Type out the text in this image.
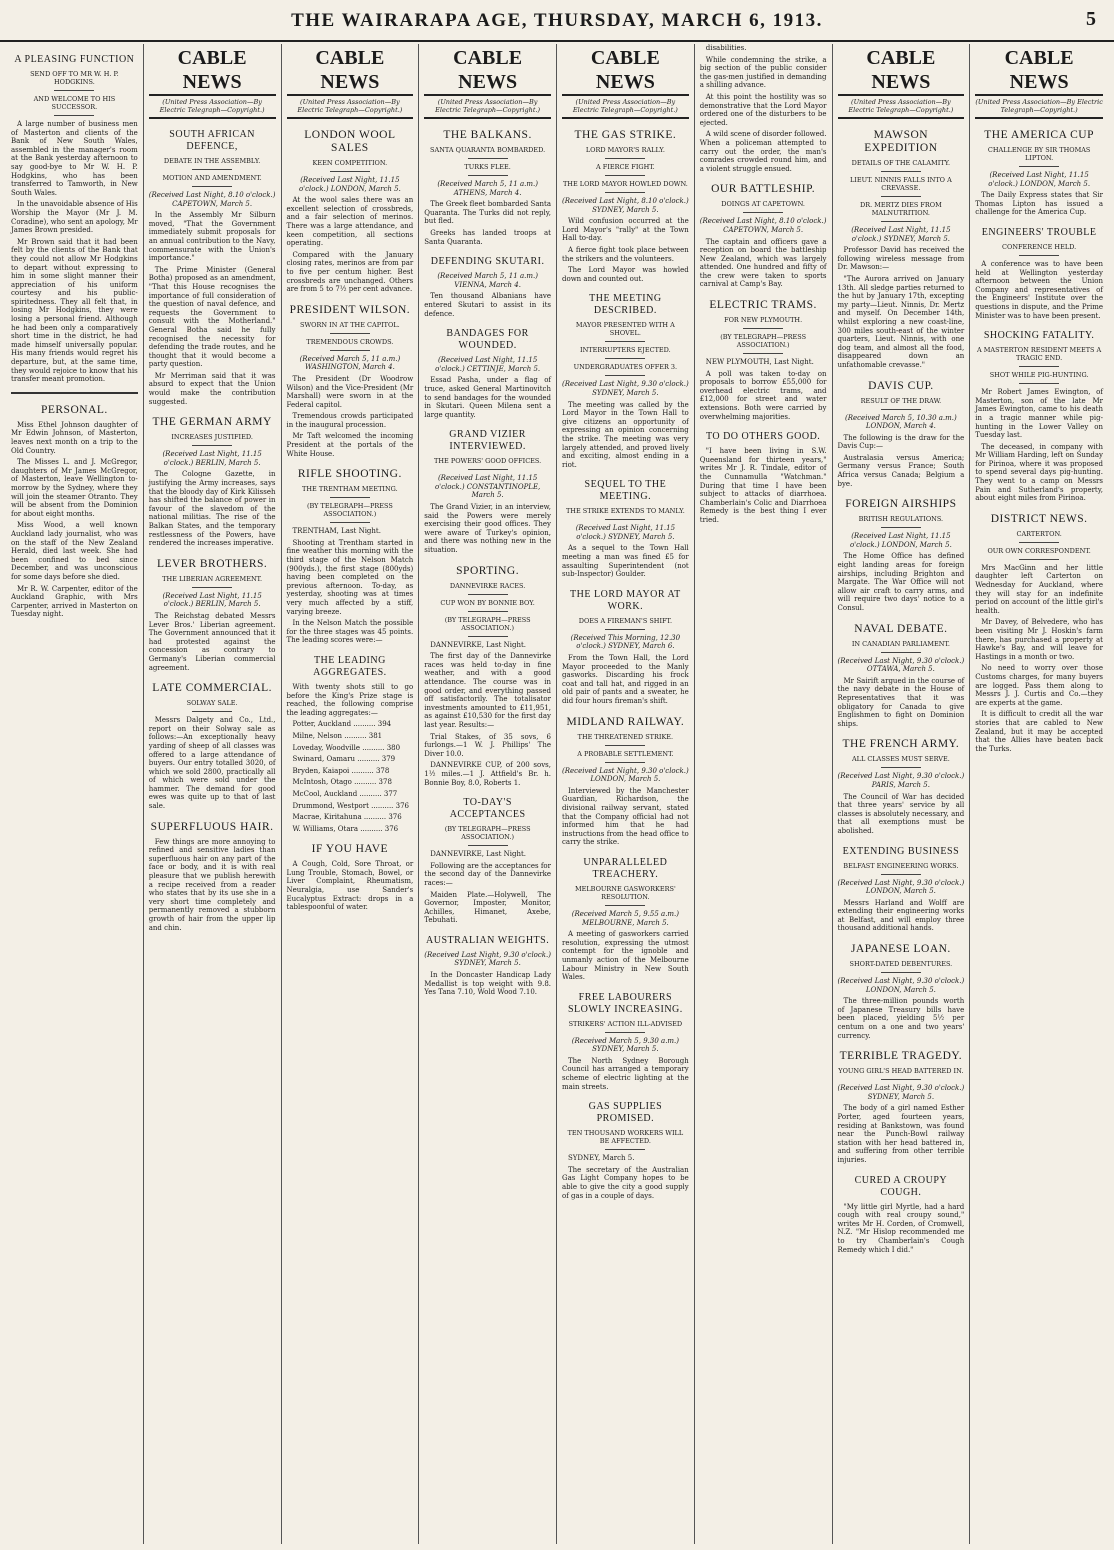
THE WAIRARAPA AGE, THURSDAY, MARCH 6, 1913.	5
A PLEASING FUNCTION
SEND OFF TO MR W. H. P. HODGKINS.
AND WELCOME TO HIS SUCCESSOR.

A large number of business men of Masterton and clients of the Bank of New South Wales, assembled in the manager's room at the Bank yesterday afternoon to say good-bye to Mr W. H. P. Hodgkins, who has been transferred to Tamworth, in New South Wales.

In the unavoidable absence of His Worship the Mayor (Mr J. M. Coradine), who sent an apology, Mr James Brown presided.

Mr Brown said that it had been felt by the clients of the Bank that they could not allow Mr Hodgkins to depart without expressing to him in some slight manner their appreciation of his uniform courtesy and his public-spiritedness. They all felt that, in losing Mr Hodgkins, they were losing a personal friend. Although he had been only a comparatively short time in the district, he had made himself universally popular. His many friends would regret his departure, but, at the same time, they would rejoice to know that his transfer meant promotion.

PERSONAL.

Miss Ethel Johnson daughter of Mr Edwin Johnson, of Masterton, leaves next month on a trip to the Old Country.

The Misses L. and J. McGregor, daughters of Mr James McGregor, of Masterton, leave Wellington to-morrow by the Sydney, where they will join the steamer Otranto. They will be absent from the Dominion for about eight months.

Miss Wood, a well known Auckland lady journalist, who was on the staff of the New Zealand Herald, died last week. She had been confined to bed since December, and was unconscious for some days before she died.

Mr R. W. Carpenter, editor of the Auckland Graphic, with Mrs Carpenter, arrived in Masterton on Tuesday night.

CABLE NEWS
(United Press Association—By Electric Telegraph—Copyright.)
SOUTH AFRICAN DEFENCE,
DEBATE IN THE ASSEMBLY.
MOTION AND AMENDMENT.

(Received Last Night, 8.10 o'clock.) CAPETOWN, March 5.

In the Assembly Mr Silburn moved, "That the Government immediately submit proposals for an annual contribution to the Navy, commensurate with the Union's importance."

The Prime Minister (General Botha) proposed as an amendment, "That this House recognises the importance of full consideration of the question of naval defence, and requests the Government to consult with the Motherland." General Botha said he fully recognised the necessity for defending the trade routes, and he thought that it would become a party question.

Mr Merriman said that it was absurd to expect that the Union would make the contribution suggested.

THE GERMAN ARMY
INCREASES JUSTIFIED.

(Received Last Night, 11.15 o'clock.) BERLIN, March 5.

The Cologne Gazette, in justifying the Army increases, says that the bloody day of Kirk Kilisseh has shifted the balance of power in favour of the slavedom of the national militias. The rise of the Balkan States, and the temporary restlessness of the Powers, have rendered the increases imperative.

LEVER BROTHERS.
THE LIBERIAN AGREEMENT.

(Received Last Night, 11.15 o'clock.) BERLIN, March 5.

The Reichstag debated Messrs Lever Bros.' Liberian agreement. The Government announced that it had protested against the concession as contrary to Germany's Liberian commercial agreement.

LATE COMMERCIAL.
SOLWAY SALE.

Messrs Dalgety and Co., Ltd., report on their Solway sale as follows:—An exceptionally heavy yarding of sheep of all classes was offered to a large attendance of buyers. Our entry totalled 3020, of which we sold 2800, practically all of which were sold under the hammer. The demand for good ewes was quite up to that of last sale.

SUPERFLUOUS HAIR.

Few things are more annoying to refined and sensitive ladies than superfluous hair on any part of the face or body, and it is with real pleasure that we publish herewith a recipe received from a reader who states that by its use she in a very short time completely and permanently removed a stubborn growth of hair from the upper lip and chin.

CABLE NEWS
(United Press Association—By Electric Telegraph—Copyright.)
LONDON WOOL SALES
KEEN COMPETITION.

(Received Last Night, 11.15 o'clock.) LONDON, March 5.

At the wool sales there was an excellent selection of crossbreds, and a fair selection of merinos. There was a large attendance, and keen competition, all sections operating.

Compared with the January closing rates, merinos are from par to five per centum higher. Best crossbreds are unchanged. Others are from 5 to 7½ per cent advance.

PRESIDENT WILSON.
SWORN IN AT THE CAPITOL.
TREMENDOUS CROWDS.

(Received March 5, 11 a.m.) WASHINGTON, March 4.

The President (Dr Woodrow Wilson) and the Vice-President (Mr Marshall) were sworn in at the Federal capitol.

Tremendous crowds participated in the inaugural procession.

Mr Taft welcomed the incoming President at the portals of the White House.

RIFLE SHOOTING.
THE TRENTHAM MEETING.
(BY TELEGRAPH—PRESS ASSOCIATION.)

TRENTHAM, Last Night.

Shooting at Trentham started in fine weather this morning with the third stage of the Nelson Match (900yds.), the first stage (800yds) having been completed on the previous afternoon. To-day, as yesterday, shooting was at times very much affected by a stiff, varying breeze.

In the Nelson Match the possible for the three stages was 45 points. The leading scores were:—

THE LEADING AGGREGATES.

With twenty shots still to go before the King's Prize stage is reached, the following comprise the leading aggregates:—

Potter, Auckland .......... 394

Milne, Nelson .......... 381

Loveday, Woodville .......... 380

Swinard, Oamaru .......... 379

Bryden, Kaiapoi .......... 378

McIntosh, Otago .......... 378

McCool, Auckland .......... 377

Drummond, Westport .......... 376

Macrae, Kiritahuna .......... 376

W. Williams, Otara .......... 376

IF YOU HAVE

A Cough, Cold, Sore Throat, or Lung Trouble, Stomach, Bowel, or Liver Complaint, Rheumatism, Neuralgia, use Sander's Eucalyptus Extract: drops in a tablespoonful of water.

CABLE NEWS
(United Press Association—By Electric Telegraph—Copyright.)
THE BALKANS.
SANTA QUARANTA BOMBARDED.
TURKS FLEE.

(Received March 5, 11 a.m.) ATHENS, March 4.

The Greek fleet bombarded Santa Quaranta. The Turks did not reply, but fled.

Greeks has landed troops at Santa Quaranta.

DEFENDING SKUTARI.

(Received March 5, 11 a.m.) VIENNA, March 4.

Ten thousand Albanians have entered Skutari to assist in its defence.

BANDAGES FOR WOUNDED.

(Received Last Night, 11.15 o'clock.) CETTINJE, March 5.

Essad Pasha, under a flag of truce, asked General Martinovitch to send bandages for the wounded in Skutari. Queen Milena sent a large quantity.

GRAND VIZIER INTERVIEWED.
THE POWERS' GOOD OFFICES.

(Received Last Night, 11.15 o'clock.) CONSTANTINOPLE, March 5.

The Grand Vizier, in an interview, said the Powers were merely exercising their good offices. They were aware of Turkey's opinion, and there was nothing new in the situation.

SPORTING.
DANNEVIRKE RACES.
CUP WON BY BONNIE BOY.
(BY TELEGRAPH—PRESS ASSOCIATION.)

DANNEVIRKE, Last Night.

The first day of the Dannevirke races was held to-day in fine weather, and with a good attendance. The course was in good order, and everything passed off satisfactorily. The totalisator investments amounted to £11,951, as against £10,530 for the first day last year. Results:—

Trial Stakes, of 35 sovs, 6 furlongs.—1 W. J. Phillips' The Diver 10.0.

DANNEVIRKE CUP, of 200 sovs, 1½ miles.—1 J. Attfield's Br. h. Bonnie Boy, 8.0, Roberts 1.

TO-DAY'S ACCEPTANCES
(BY TELEGRAPH—PRESS ASSOCIATION.)

DANNEVIRKE, Last Night.

Following are the acceptances for the second day of the Dannevirke races:—

Maiden Plate.—Holywell, The Governor, Imposter, Monitor, Achilles, Himanet, Axebe, Tebuhati.

AUSTRALIAN WEIGHTS.

(Received Last Night, 9.30 o'clock.) SYDNEY, March 5.

In the Doncaster Handicap Lady Medallist is top weight with 9.8. Yes Tana 7.10, Wold Wood 7.10.

CABLE NEWS
(United Press Association—By Electric Telegraph—Copyright.)
THE GAS STRIKE.
LORD MAYOR'S RALLY.
A FIERCE FIGHT.
THE LORD MAYOR HOWLED DOWN.

(Received Last Night, 8.10 o'clock.) SYDNEY, March 5.

Wild confusion occurred at the Lord Mayor's "rally" at the Town Hall to-day.

A fierce fight took place between the strikers and the volunteers.

The Lord Mayor was howled down and counted out.

THE MEETING DESCRIBED.
MAYOR PRESENTED WITH A SHOVEL.
INTERRUPTERS EJECTED.
UNDERGRADUATES OFFER 3.

(Received Last Night, 9.30 o'clock.) SYDNEY, March 5.

The meeting was called by the Lord Mayor in the Town Hall to give citizens an opportunity of expressing an opinion concerning the strike. The meeting was very largely attended, and proved lively and exciting, almost ending in a riot.

SEQUEL TO THE MEETING.
THE STRIKE EXTENDS TO MANLY.

(Received Last Night, 11.15 o'clock.) SYDNEY, March 5.

As a sequel to the Town Hall meeting a man was fined £5 for assaulting Superintendent (not sub-Inspector) Goulder.

THE LORD MAYOR AT WORK.
DOES A FIREMAN'S SHIFT.

(Received This Morning, 12.30 o'clock.) SYDNEY, March 6.

From the Town Hall, the Lord Mayor proceeded to the Manly gasworks. Discarding his frock coat and tall hat, and rigged in an old pair of pants and a sweater, he did four hours fireman's shift.

MIDLAND RAILWAY.
THE THREATENED STRIKE.
A PROBABLE SETTLEMENT.

(Received Last Night, 9.30 o'clock.) LONDON, March 5.

Interviewed by the Manchester Guardian, Richardson, the divisional railway servant, stated that the Company official had not informed him that he had instructions from the head office to carry the strike.

UNPARALLELED TREACHERY.
MELBOURNE GASWORKERS' RESOLUTION.

(Received March 5, 9.55 a.m.) MELBOURNE, March 5.

A meeting of gasworkers carried resolution, expressing the utmost contempt for the ignoble and unmanly action of the Melbourne Labour Ministry in New South Wales.

FREE LABOURERS SLOWLY INCREASING.
STRIKERS' ACTION ILL-ADVISED

(Received March 5, 9.30 a.m.) SYDNEY, March 5.

The North Sydney Borough Council has arranged a temporary scheme of electric lighting at the main streets.

GAS SUPPLIES PROMISED.
TEN THOUSAND WORKERS WILL BE AFFECTED.

SYDNEY, March 5.

The secretary of the Australian Gas Light Company hopes to be able to give the city a good supply of gas in a couple of days.

disabilities.

While condemning the strike, a big section of the public consider the gas-men justified in demanding a shilling advance.

At this point the hostility was so demonstrative that the Lord Mayor ordered one of the disturbers to be ejected.

A wild scene of disorder followed. When a policeman attempted to carry out the order, the man's comrades crowded round him, and a violent struggle ensued.

OUR BATTLESHIP.
DOINGS AT CAPETOWN.

(Received Last Night, 8.10 o'clock.) CAPETOWN, March 5.

The captain and officers gave a reception on board the battleship New Zealand, which was largely attended. One hundred and fifty of the crew were taken to sports carnival at Camp's Bay.

ELECTRIC TRAMS.
FOR NEW PLYMOUTH.
(BY TELEGRAPH—PRESS ASSOCIATION.)

NEW PLYMOUTH, Last Night.

A poll was taken to-day on proposals to borrow £55,000 for overhead electric trams, and £12,000 for street and water extensions. Both were carried by overwhelming majorities.

TO DO OTHERS GOOD.

"I have been living in S.W. Queensland for thirteen years," writes Mr J. R. Tindale, editor of the Cunnamulla "Watchman." During that time I have been subject to attacks of diarrhoea. Chamberlain's Colic and Diarrhoea Remedy is the best thing I ever tried.

CABLE NEWS
(United Press Association—By Electric Telegraph—Copyright.)
MAWSON EXPEDITION
DETAILS OF THE CALAMITY.
LIEUT. NINNIS FALLS INTO A CREVASSE.
DR. MERTZ DIES FROM MALNUTRITION.

(Received Last Night, 11.15 o'clock.) SYDNEY, March 5.

Professor David has received the following wireless message from Dr. Mawson:—

"The Aurora arrived on January 13th. All sledge parties returned to the hut by January 17th, excepting my party—Lieut. Ninnis, Dr. Mertz and myself. On December 14th, whilst exploring a new coast-line, 300 miles south-east of the winter quarters, Lieut. Ninnis, with one dog team, and almost all the food, disappeared down an unfathomable crevasse."

DAVIS CUP.
RESULT OF THE DRAW.

(Received March 5, 10.30 a.m.) LONDON, March 4.

The following is the draw for the Davis Cup:—

Australasia versus America; Germany versus France; South Africa versus Canada; Belgium a bye.

FOREIGN AIRSHIPS
BRITISH REGULATIONS.

(Received Last Night, 11.15 o'clock.) LONDON, March 5.

The Home Office has defined eight landing areas for foreign airships, including Brighton and Margate. The War Office will not allow air craft to carry arms, and will require two days' notice to a Consul.

NAVAL DEBATE.
IN CANADIAN PARLIAMENT.

(Received Last Night, 9.30 o'clock.) OTTAWA, March 5.

Mr Sairift argued in the course of the navy debate in the House of Representatives that it was obligatory for Canada to give Englishmen to fight on Dominion ships.

THE FRENCH ARMY.
ALL CLASSES MUST SERVE.

(Received Last Night, 9.30 o'clock.) PARIS, March 5.

The Council of War has decided that three years' service by all classes is absolutely necessary, and that all exemptions must be abolished.

EXTENDING BUSINESS
BELFAST ENGINEERING WORKS.

(Received Last Night, 9.30 o'clock.) LONDON, March 5.

Messrs Harland and Wolff are extending their engineering works at Belfast, and will employ three thousand additional hands.

JAPANESE LOAN.
SHORT-DATED DEBENTURES.

(Received Last Night, 9.30 o'clock.) LONDON, March 5.

The three-million pounds worth of Japanese Treasury bills have been placed, yielding 5½ per centum on a one and two years' currency.

TERRIBLE TRAGEDY.
YOUNG GIRL'S HEAD BATTERED IN.

(Received Last Night, 9.30 o'clock.) SYDNEY, March 5.

The body of a girl named Esther Porter, aged fourteen years, residing at Bankstown, was found near the Punch-Bowl railway station with her head battered in, and suffering from other terrible injuries.

CURED A CROUPY COUGH.

"My little girl Myrtle, had a hard cough with real croupy sound," writes Mr H. Corden, of Cromwell, N.Z. "Mr Hislop recommended me to try Chamberlain's Cough Remedy which I did."

CABLE NEWS
(United Press Association—By Electric Telegraph—Copyright.)
THE AMERICA CUP
CHALLENGE BY SIR THOMAS LIPTON.

(Received Last Night, 11.15 o'clock.) LONDON, March 5.

The Daily Express states that Sir Thomas Lipton has issued a challenge for the America Cup.

ENGINEERS' TROUBLE
CONFERENCE HELD.

A conference was to have been held at Wellington yesterday afternoon between the Union Company and representatives of the Engineers' Institute over the questions in dispute, and the Prime Minister was to have been present.

SHOCKING FATALITY.
A MASTERTON RESIDENT MEETS A TRAGIC END.
SHOT WHILE PIG-HUNTING.

Mr Robert James Ewington, of Masterton, son of the late Mr James Ewington, came to his death in a tragic manner while pig-hunting in the Lower Valley on Tuesday last.

The deceased, in company with Mr William Harding, left on Sunday for Pirinoa, where it was proposed to spend several days pig-hunting. They went to a camp on Messrs Pain and Sutherland's property, about eight miles from Pirinoa.

DISTRICT NEWS.
CARTERTON.
OUR OWN CORRESPONDENT.

Mrs MacGinn and her little daughter left Carterton on Wednesday for Auckland, where they will stay for an indefinite period on account of the little girl's health.

Mr Davey, of Belvedere, who has been visiting Mr J. Hoskin's farm there, has purchased a property at Hawke's Bay, and will leave for Hastings in a month or two.

No need to worry over those Customs charges, for many buyers are logged. Pass them along to Messrs J. J. Curtis and Co.—they are experts at the game.

It is difficult to credit all the war stories that are cabled to New Zealand, but it may be accepted that the Allies have beaten back the Turks.
